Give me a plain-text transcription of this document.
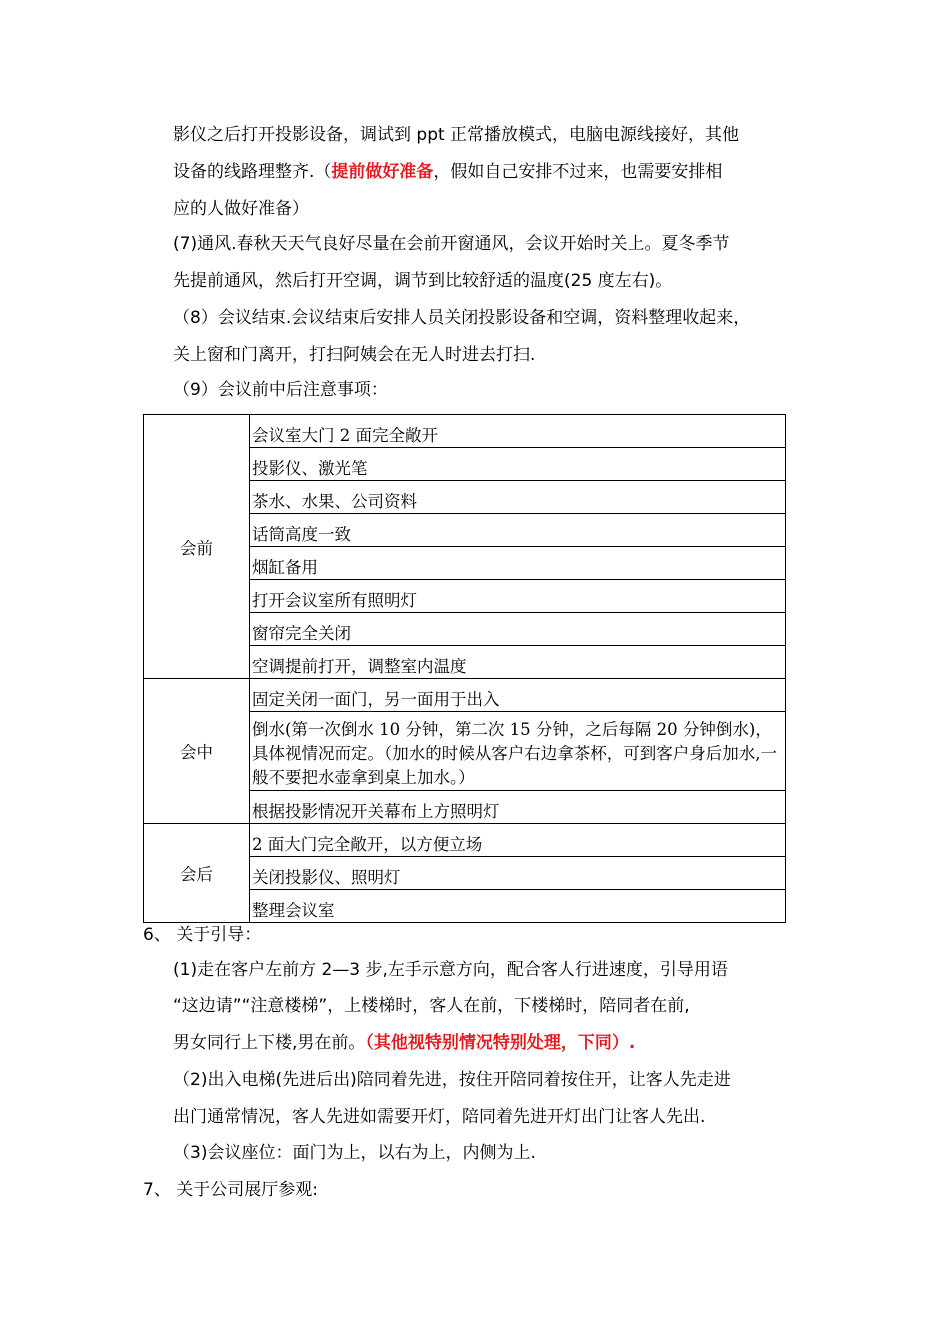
影仪之后打开投影设备，调试到 ppt 正常播放模式，电脑电源线接好，其他
设备的线路理整齐.（提前做好准备，假如自己安排不过来，也需要安排相
应的人做好准备）
(7)通风.春秋天天气良好尽量在会前开窗通风，会议开始时关上。夏冬季节
先提前通风，然后打开空调，调节到比较舒适的温度(25 度左右)。
（8）会议结束.会议结束后安排人员关闭投影设备和空调，资料整理收起来，
关上窗和门离开，打扫阿姨会在无人时进去打扫.
（9）会议前中后注意事项：
会前	会议室大门 2 面完全敞开
	投影仪、激光笔
	茶水、水果、公司资料
	话筒高度一致
	烟缸备用
	打开会议室所有照明灯
	窗帘完全关闭
	空调提前打开，调整室内温度
会中	固定关闭一面门，另一面用于出入
	倒水(第一次倒水 10 分钟，第二次 15 分钟，之后每隔 20 分钟倒水)，具体视情况而定。（加水的时候从客户右边拿茶杯，可到客户身后加水,一般不要把水壶拿到桌上加水。）
	根据投影情况开关幕布上方照明灯
会后	2 面大门完全敞开，以方便立场
	关闭投影仪、照明灯
	整理会议室
6、 关于引导：
(1)走在客户左前方 2—3 步,左手示意方向，配合客人行进速度，引导用语
“这边请”“注意楼梯”，上楼梯时，客人在前，下楼梯时，陪同者在前,
男女同行上下楼,男在前。（其他视特别情况特别处理，下同）.
（2)出入电梯(先进后出)陪同着先进，按住开陪同着按住开，让客人先走进
出门通常情况，客人先进如需要开灯，陪同着先进开灯出门让客人先出.
（3)会议座位：面门为上，以右为上，内侧为上.
7、 关于公司展厅参观:
